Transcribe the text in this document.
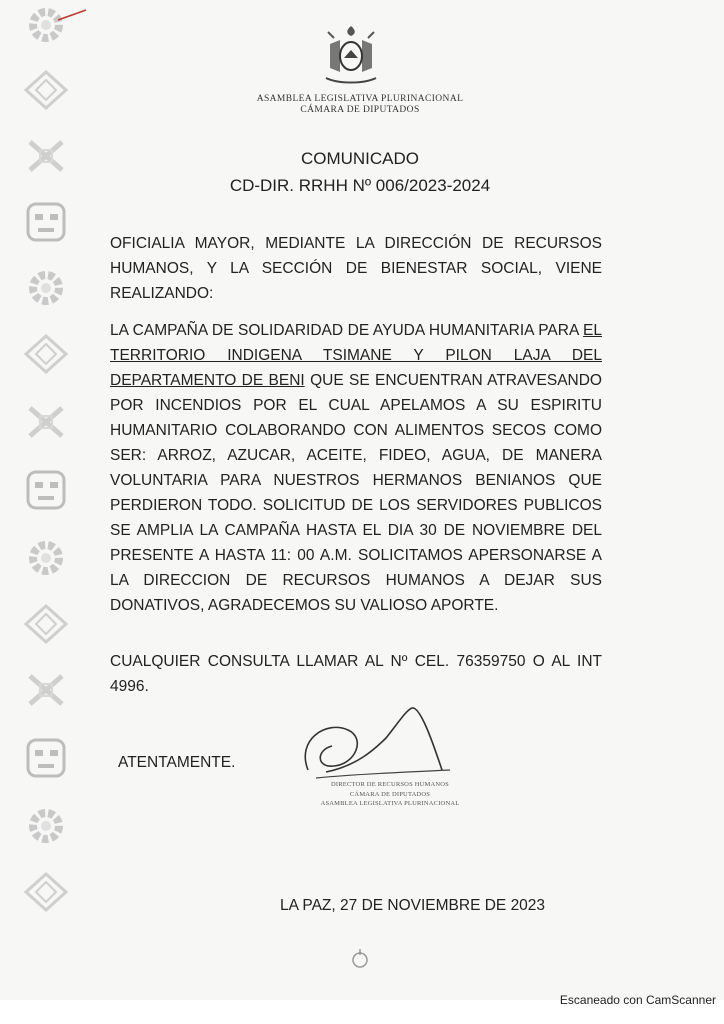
ASAMBLEA LEGISLATIVA PLURINACIONAL
CÁMARA DE DIPUTADOS
COMUNICADO
CD-DIR. RRHH Nº 006/2023-2024
OFICIALIA MAYOR, MEDIANTE LA DIRECCIÓN DE RECURSOS HUMANOS, Y LA SECCIÓN DE BIENESTAR SOCIAL, VIENE REALIZANDO:
LA CAMPAÑA DE SOLIDARIDAD DE AYUDA HUMANITARIA PARA EL TERRITORIO INDIGENA TSIMANE Y PILON LAJA DEL DEPARTAMENTO DE BENI QUE SE ENCUENTRAN ATRAVESANDO POR INCENDIOS POR EL CUAL APELAMOS A SU ESPIRITU HUMANITARIO COLABORANDO CON ALIMENTOS SECOS COMO SER: ARROZ, AZUCAR, ACEITE, FIDEO, AGUA, DE MANERA VOLUNTARIA PARA NUESTROS HERMANOS BENIANOS QUE PERDIERON TODO. SOLICITUD DE LOS SERVIDORES PUBLICOS SE AMPLIA LA CAMPAÑA HASTA EL DIA 30 DE NOVIEMBRE DEL PRESENTE A HASTA 11: 00 A.M. SOLICITAMOS APERSONARSE A LA DIRECCION DE RECURSOS HUMANOS A DEJAR SUS DONATIVOS, AGRADECEMOS SU VALIOSO APORTE.
CUALQUIER CONSULTA LLAMAR AL Nº CEL. 76359750 O AL INT 4996.
ATENTAMENTE.
DIRECTOR DE RECURSOS HUMANOS
CÁMARA DE DIPUTADOS
ASAMBLEA LEGISLATIVA PLURINACIONAL
LA PAZ, 27 DE NOVIEMBRE DE 2023
Escaneado con CamScanner
